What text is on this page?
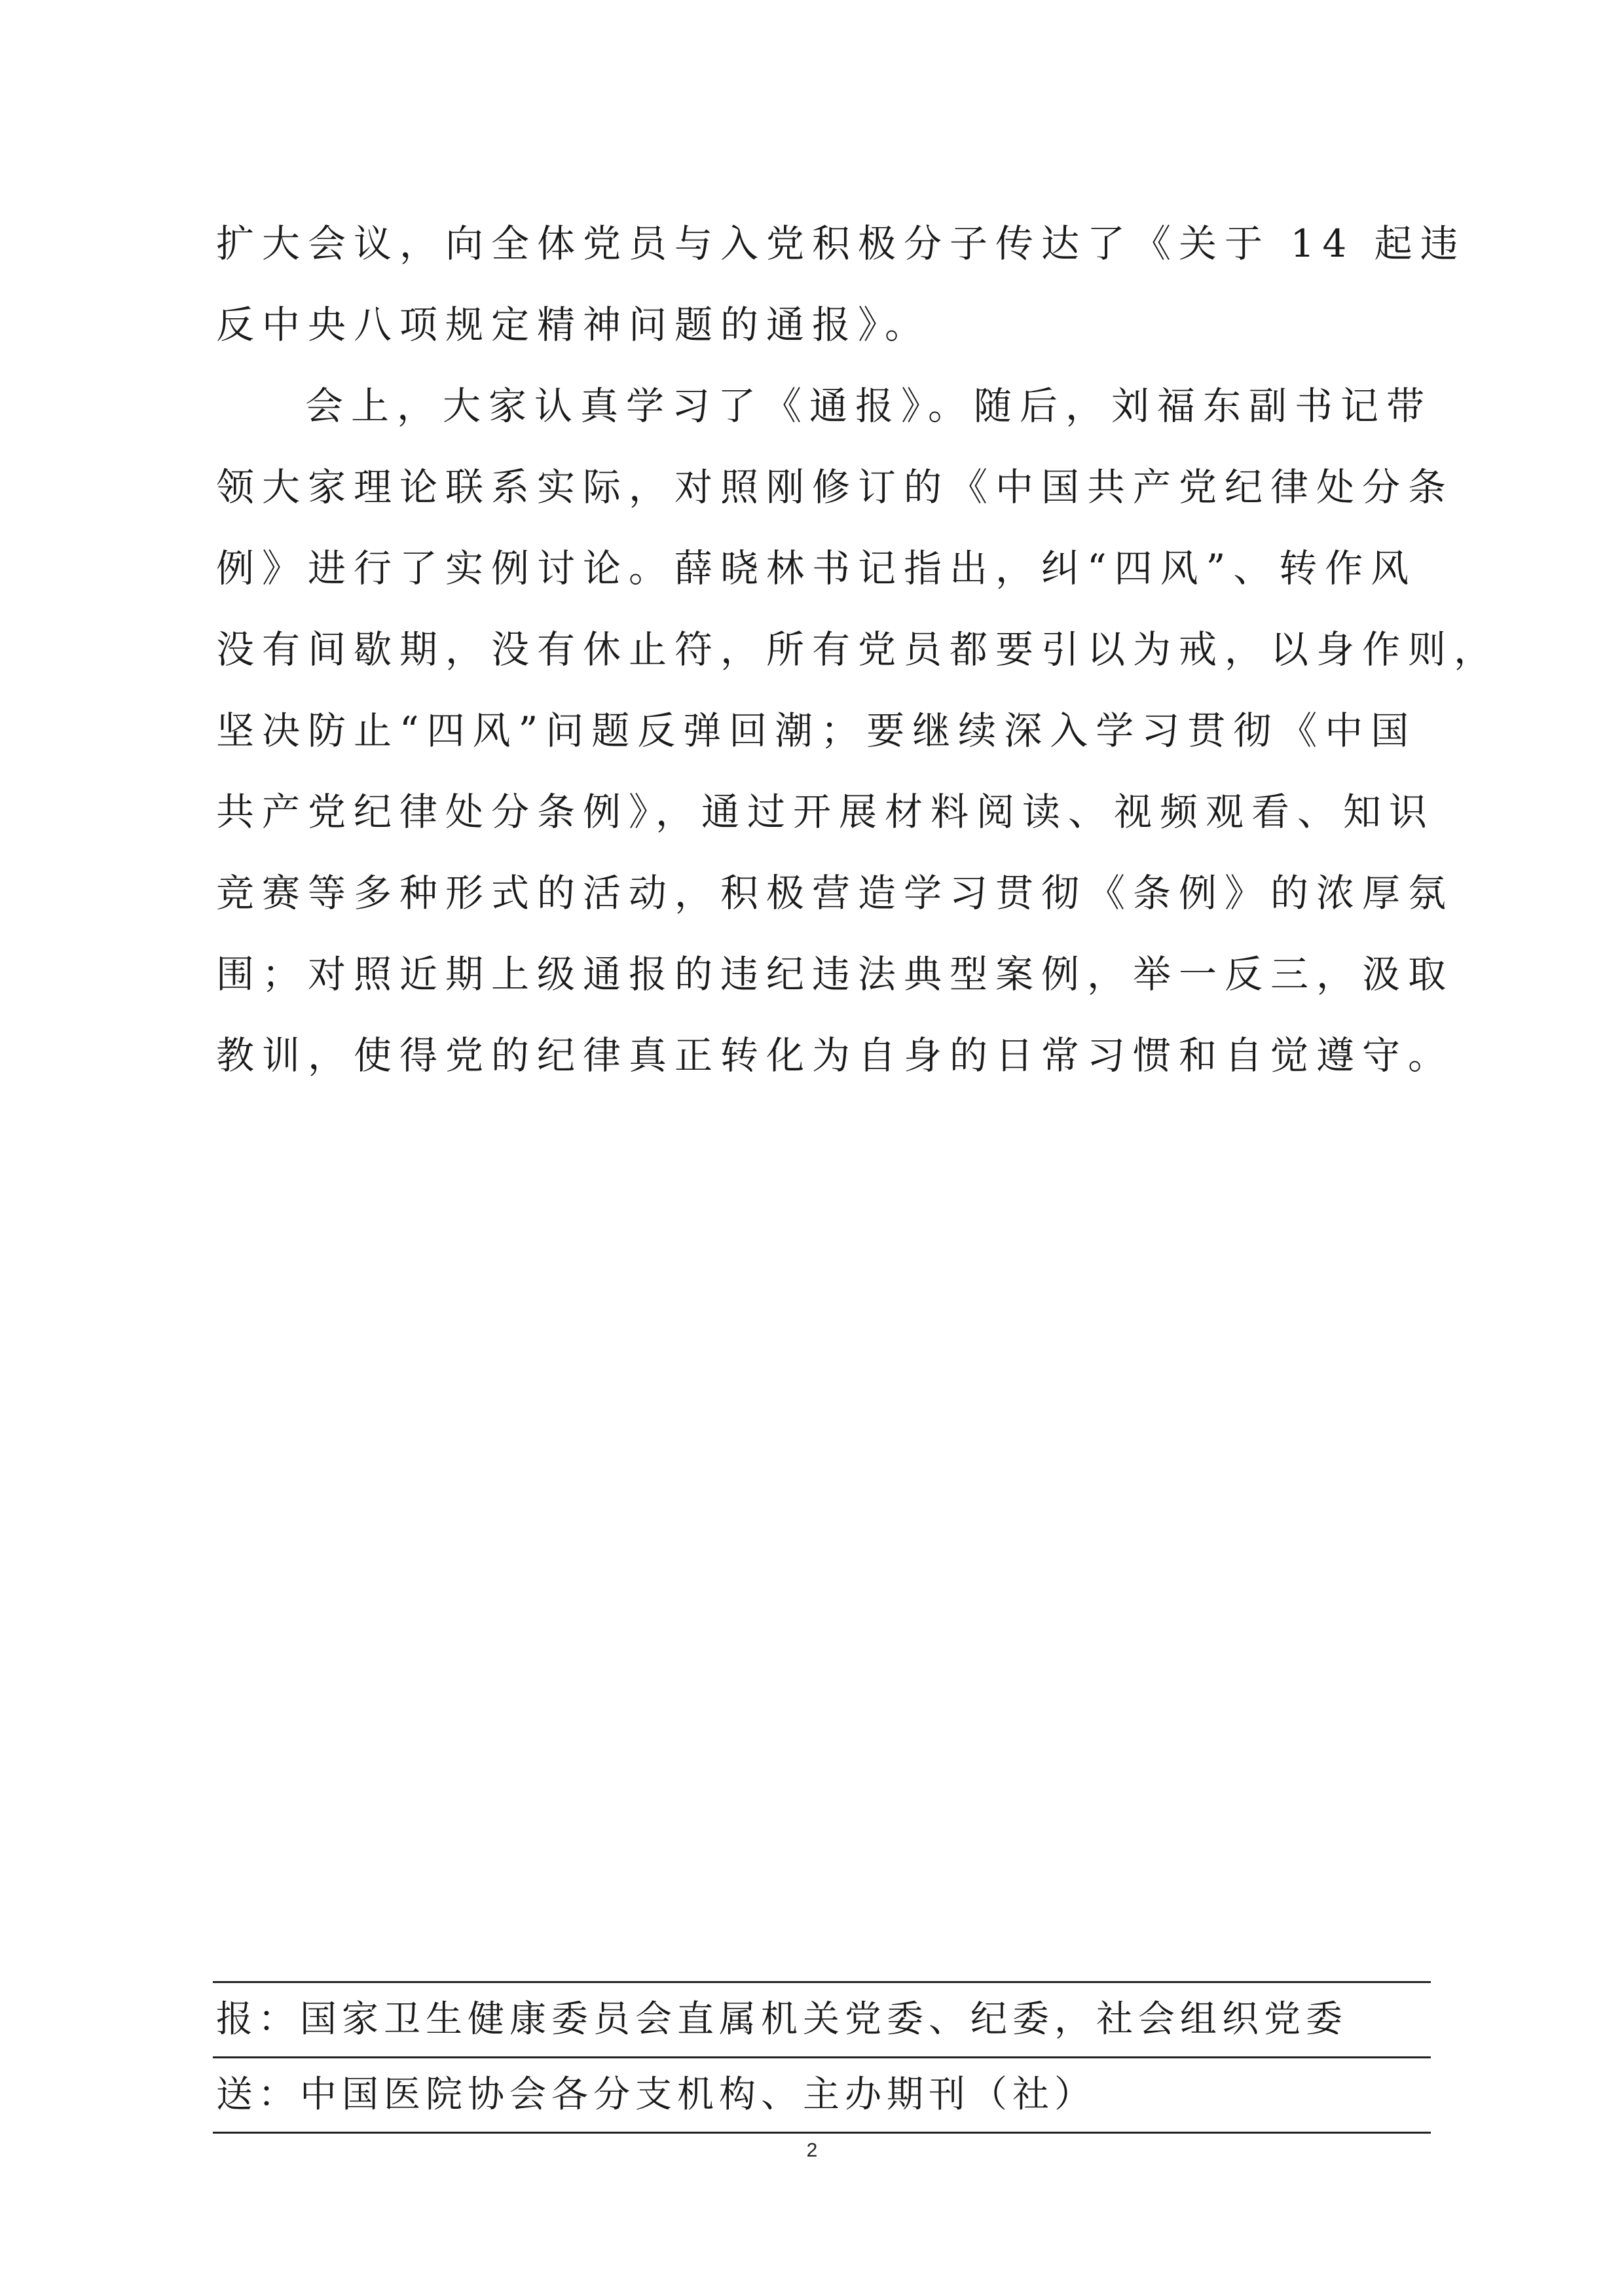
扩大会议，向全体党员与入党积极分子传达了《关于 14 起违
反中央八项规定精神问题的通报》。
会上，大家认真学习了《通报》。随后，刘福东副书记带
领大家理论联系实际，对照刚修订的《中国共产党纪律处分条
例》进行了实例讨论。薛晓林书记指出，纠“四风”、转作风
没有间歇期，没有休止符，所有党员都要引以为戒，以身作则，
坚决防止“四风”问题反弹回潮；要继续深入学习贯彻《中国
共产党纪律处分条例》，通过开展材料阅读、视频观看、知识
竞赛等多种形式的活动，积极营造学习贯彻《条例》的浓厚氛
围；对照近期上级通报的违纪违法典型案例，举一反三，汲取
教训，使得党的纪律真正转化为自身的日常习惯和自觉遵守。
报：国家卫生健康委员会直属机关党委、纪委，社会组织党委
送：中国医院协会各分支机构、主办期刊（社）
2
